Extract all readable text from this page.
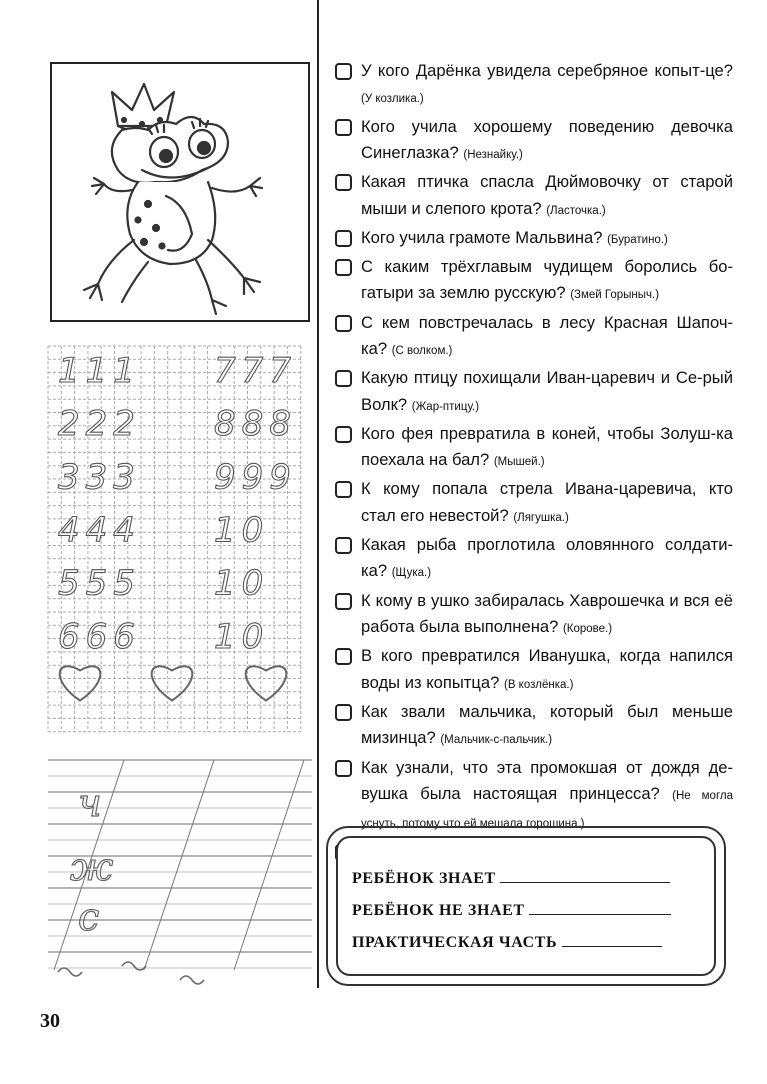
111 777
222 888
333 999
444 10
555 10
666 10
ч
ж
с
У кого Дарёнка увидела серебряное копыт-це? (У козлика.)
Кого учила хорошему поведению девочка Синеглазка? (Незнайку.)
Какая птичка спасла Дюймовочку от старой мыши и слепого крота? (Ласточка.)
Кого учила грамоте Мальвина? (Буратино.)
С каким трёхглавым чудищем боролись бо-гатыри за землю русскую? (Змей Горыныч.)
С кем повстречалась в лесу Красная Шапоч-ка? (С волком.)
Какую птицу похищали Иван-царевич и Се-рый Волк? (Жар-птицу.)
Кого фея превратила в коней, чтобы Золуш-ка поехала на бал? (Мышей.)
К кому попала стрела Ивана-царевича, кто стал его невестой? (Лягушка.)
Какая рыба проглотила оловянного солдати-ка? (Щука.)
К кому в ушко забиралась Хаврошечка и вся её работа была выполнена? (Корове.)
В кого превратился Иванушка, когда напился воды из копытца? (В козлёнка.)
Как звали мальчика, который был меньше мизинца? (Мальчик-с-пальчик.)
Как узнали, что эта промокшая от дождя де-вушка была настоящая принцесса? (Не могла уснуть, потому что ей мешала горошина.)
РЕБЁНОК ЗНАЕТ
РЕБЁНОК НЕ ЗНАЕТ
ПРАКТИЧЕСКАЯ ЧАСТЬ
30
